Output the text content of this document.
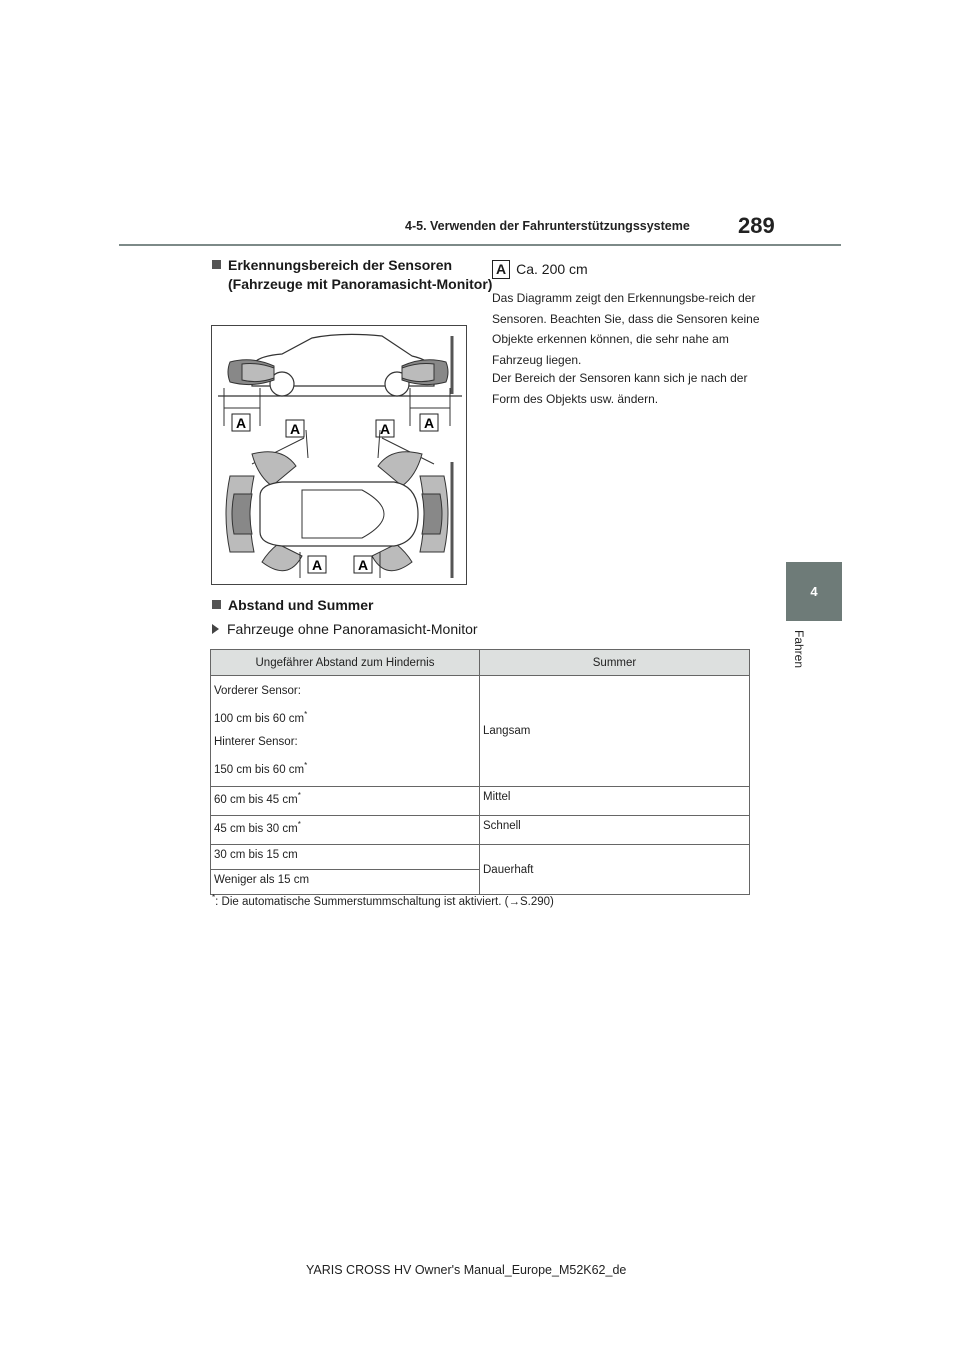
4-5. Verwenden der Fahrunterstützungssysteme 289
4
Fahren
Erkennungsbereich der Sensoren (Fahrzeuge mit Panoramasicht-Monitor)
A Ca. 200 cm

Das Diagramm zeigt den Erkennungsbe-reich der Sensoren. Beachten Sie, dass die Sensoren keine Objekte erkennen können, die sehr nahe am Fahrzeug liegen.

Der Bereich der Sensoren kann sich je nach der Form des Objekts usw. ändern.

A	A	A A
A	A
Abstand und Summer
Fahrzeuge ohne Panoramasicht-Monitor
Ungefährer Abstand zum Hindernis	Summer

Vorderer Sensor:
100 cm bis 60 cm*
Hinterer Sensor:
150 cm bis 60 cm*	Langsam
60 cm bis 45 cm*	Mittel
45 cm bis 30 cm*	Schnell
30 cm bis 15 cm	Dauerhaft
Weniger als 15 cm	
*: Die automatische Summerstummschaltung ist aktiviert. (→S.290)
YARIS CROSS HV Owner's Manual_Europe_M52K62_de
